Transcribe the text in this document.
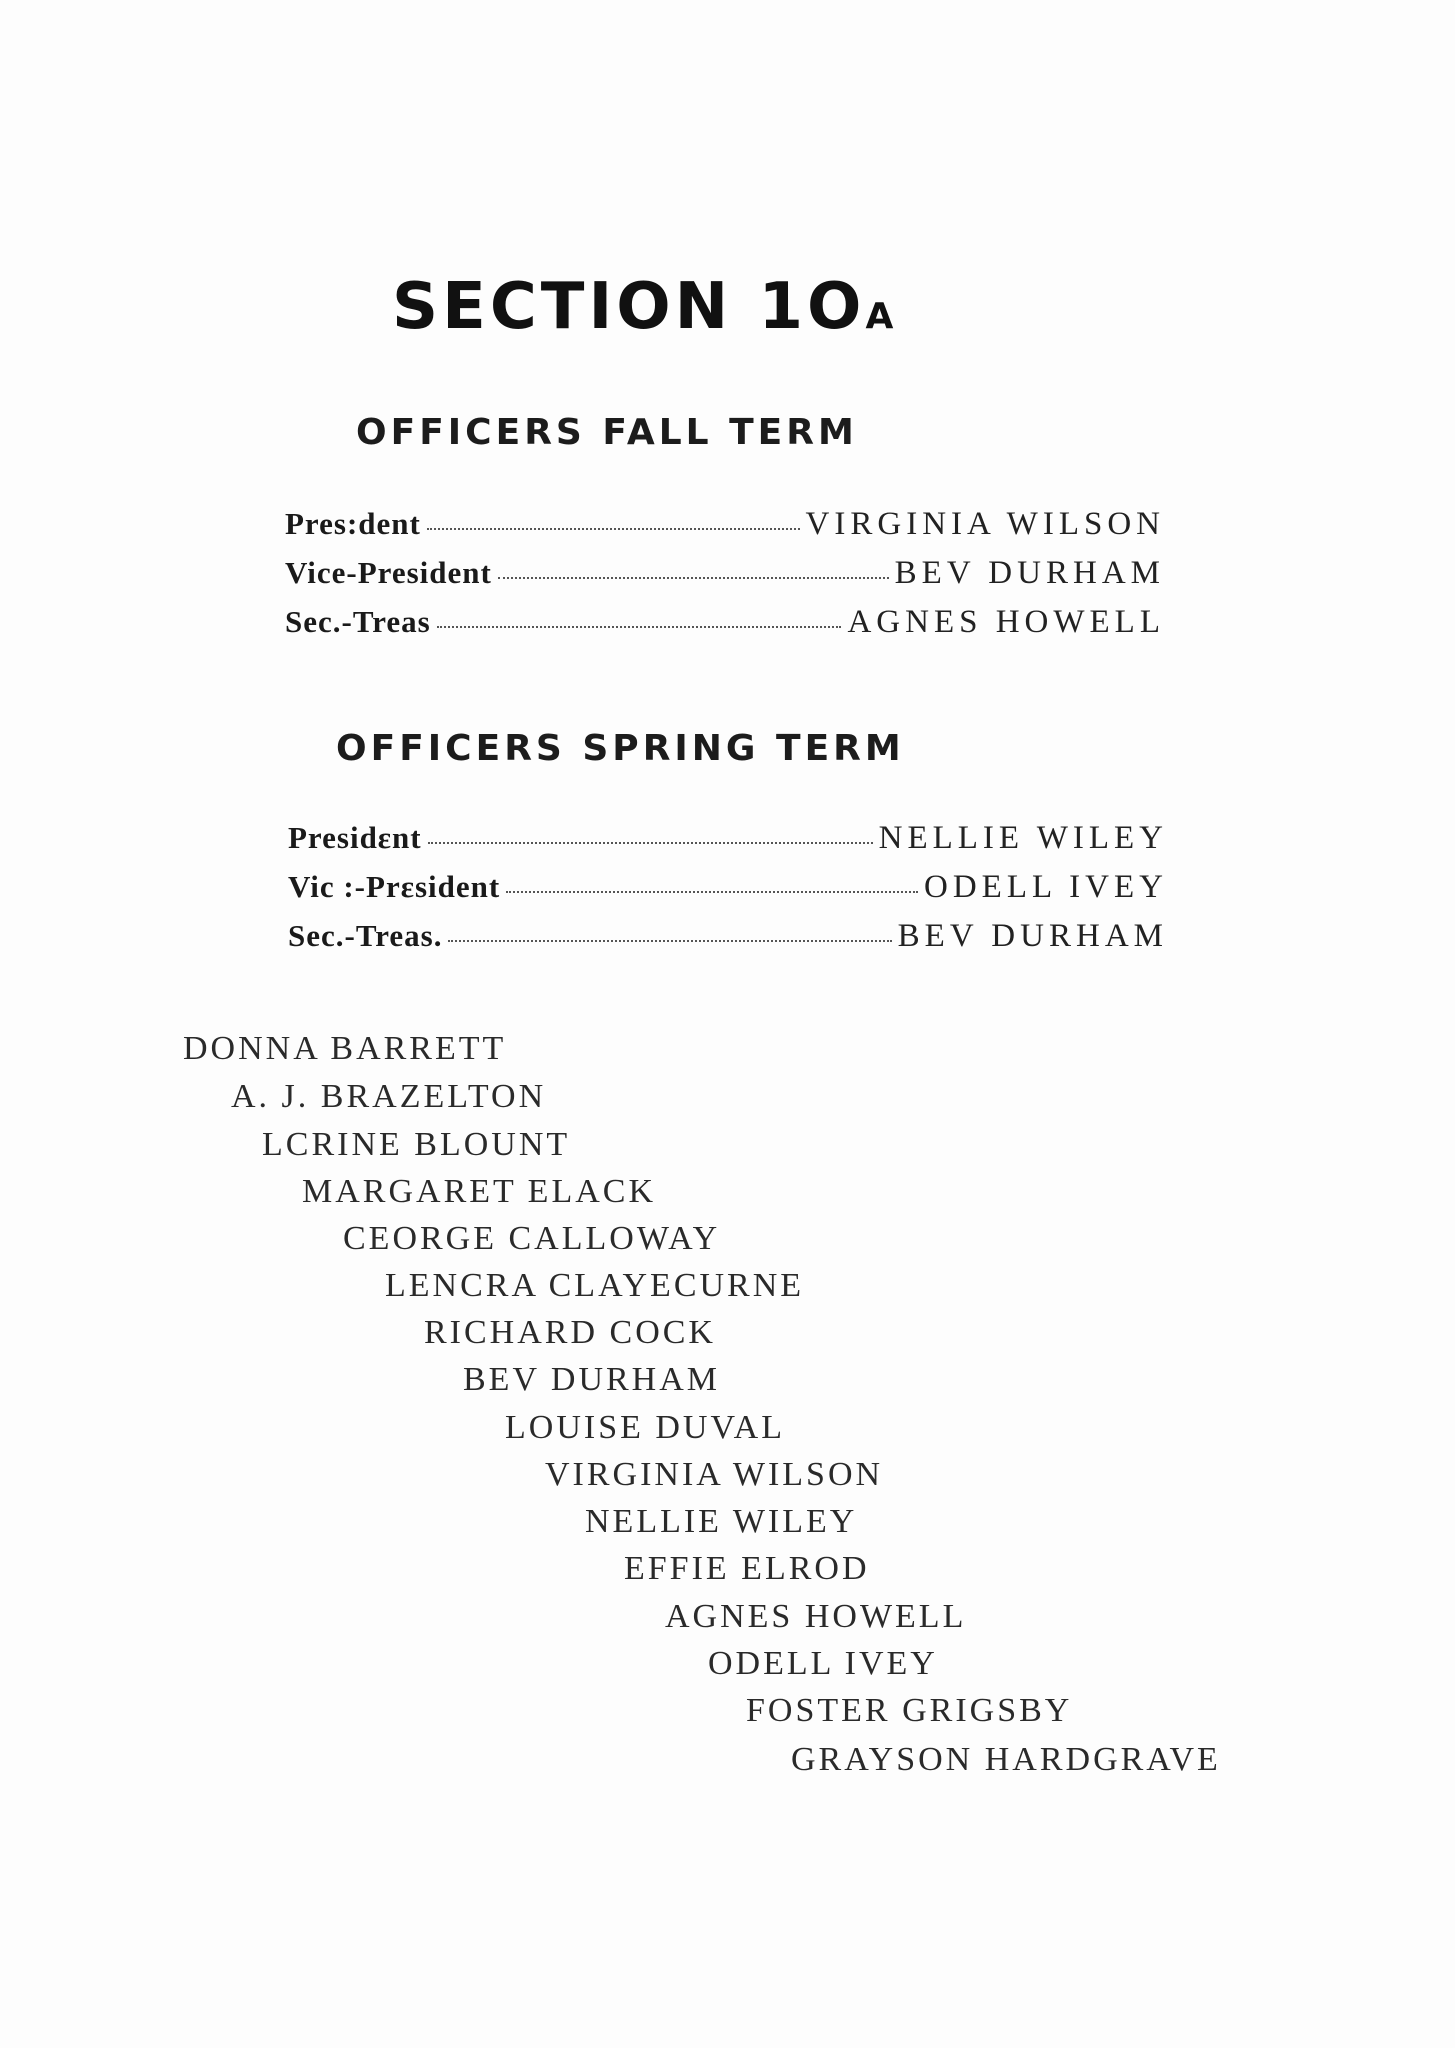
SECTION 1OA
OFFICERS FALL TERM
Pres:dent	VIRGINIA WILSON
Vice-President	BEV DURHAM
Sec.-Treas	AGNES HOWELL
OFFICERS SPRING TERM
Presidεnt	NELLIE WILEY
Vic :-Prεsident	ODELL IVEY
Sec.-Treas.	BEV DURHAM
DONNA BARRETT
A. J. BRAZELTON
LCRINE BLOUNT
MARGARET ELACK
CEORGE CALLOWAY
LENCRA CLAYECURNE
RICHARD COCK
BEV DURHAM
LOUISE DUVAL
VIRGINIA WILSON
NELLIE WILEY
EFFIE ELROD
AGNES HOWELL
ODELL IVEY
FOSTER GRIGSBY
GRAYSON HARDGRAVE
